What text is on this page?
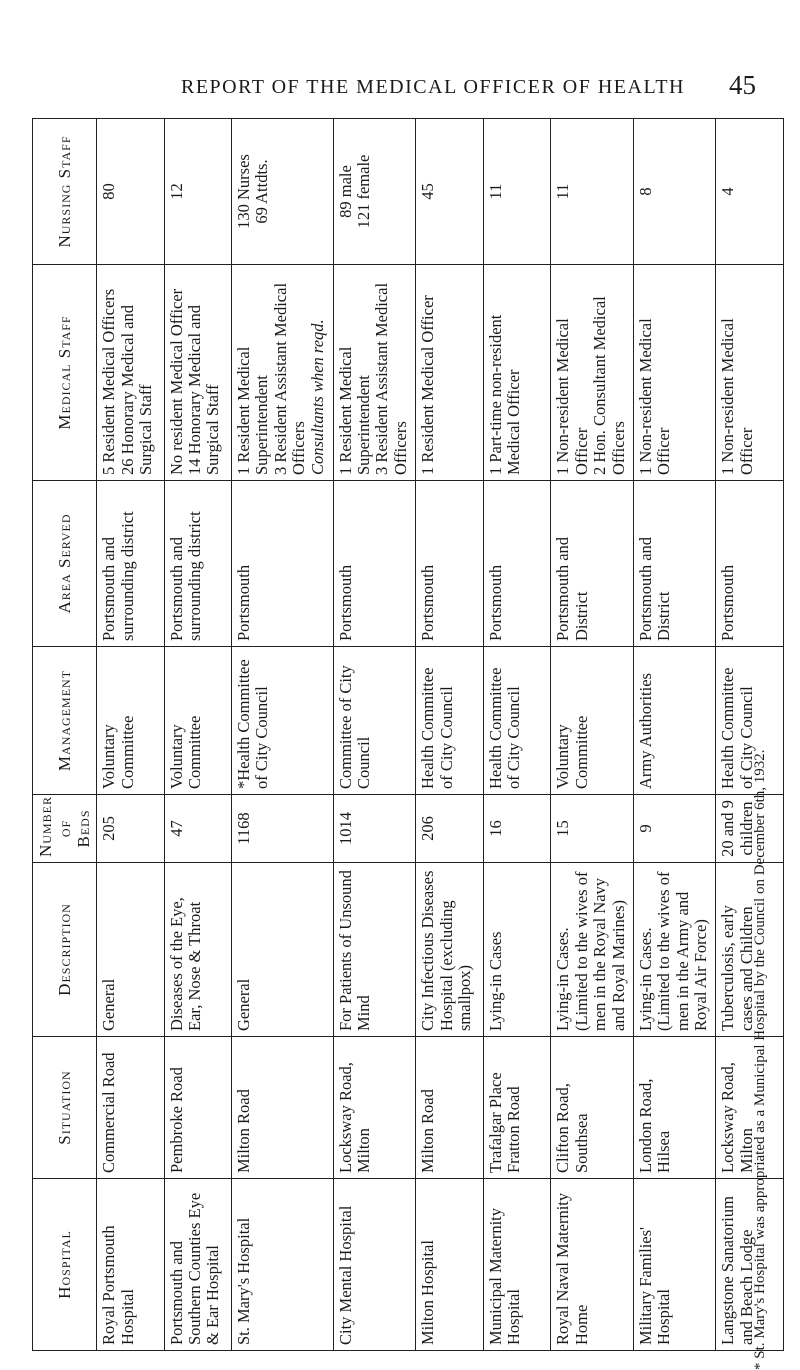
REPORT OF THE MEDICAL OFFICER OF HEALTH	45
Hospital	Situation	Description	Number of Beds	Management	Area Served	Medical Staff	Nursing Staff
Royal Portsmouth Hospital	Commercial Road	General	205	Voluntary Committee	Portsmouth and surrounding district	5 Resident Medical Officers 26 Honorary Medical and Surgical Staff	80

Portsmouth and Southern Counties Eye & Ear Hospital	Pembroke Road	Diseases of the Eye, Ear, Nose & Throat	47	Voluntary Committee	Portsmouth and surrounding district	No resident Medical Officer 14 Honorary Medical and Surgical Staff	12

St. Mary's Hospital	Milton Road	General	1168	*Health Committee of City Council	Portsmouth	1 Resident Medical Superintendent 3 Resident Assistant Medical Officers Consultants when reqd.	130 Nurses 69 Attdts.

City Mental Hospital	Locksway Road, Milton	For Patients of Unsound Mind	1014	Committee of City Council	Portsmouth	1 Resident Medical Superintendent 3 Resident Assistant Medical Officers	89 male 121 female

Milton Hospital	Milton Road	City Infectious Diseases Hospital (excluding smallpox)	206	Health Committee of City Council	Portsmouth	1 Resident Medical Officer	45

Municipal Maternity Hospital	Trafalgar Place Fratton Road	Lying-in Cases	16	Health Committee of City Council	Portsmouth	1 Part-time non-resident Medical Officer	11

Royal Naval Maternity Home	Clifton Road, Southsea	Lying-in Cases. (Limited to the wives of men in the Royal Navy and Royal Marines)	15	Voluntary Committee	Portsmouth and District	1 Non-resident Medical Officer 2 Hon. Consultant Medical Officers	11

Military Families' Hospital	London Road, Hilsea	Lying-in Cases. (Limited to the wives of men in the Army and Royal Air Force)	9	Army Authorities	Portsmouth and District	1 Non-resident Medical Officer	8

Langstone Sanatorium and Beach Lodge	Locksway Road, Milton	Tuberculosis, early cases and Children	20 and 9 children	Health Committee of City Council	Portsmouth	1 Non-resident Medical Officer	4
* St. Mary's Hospital was appropriated as a Municipal Hospital by the Council on December 6th, 1932.
